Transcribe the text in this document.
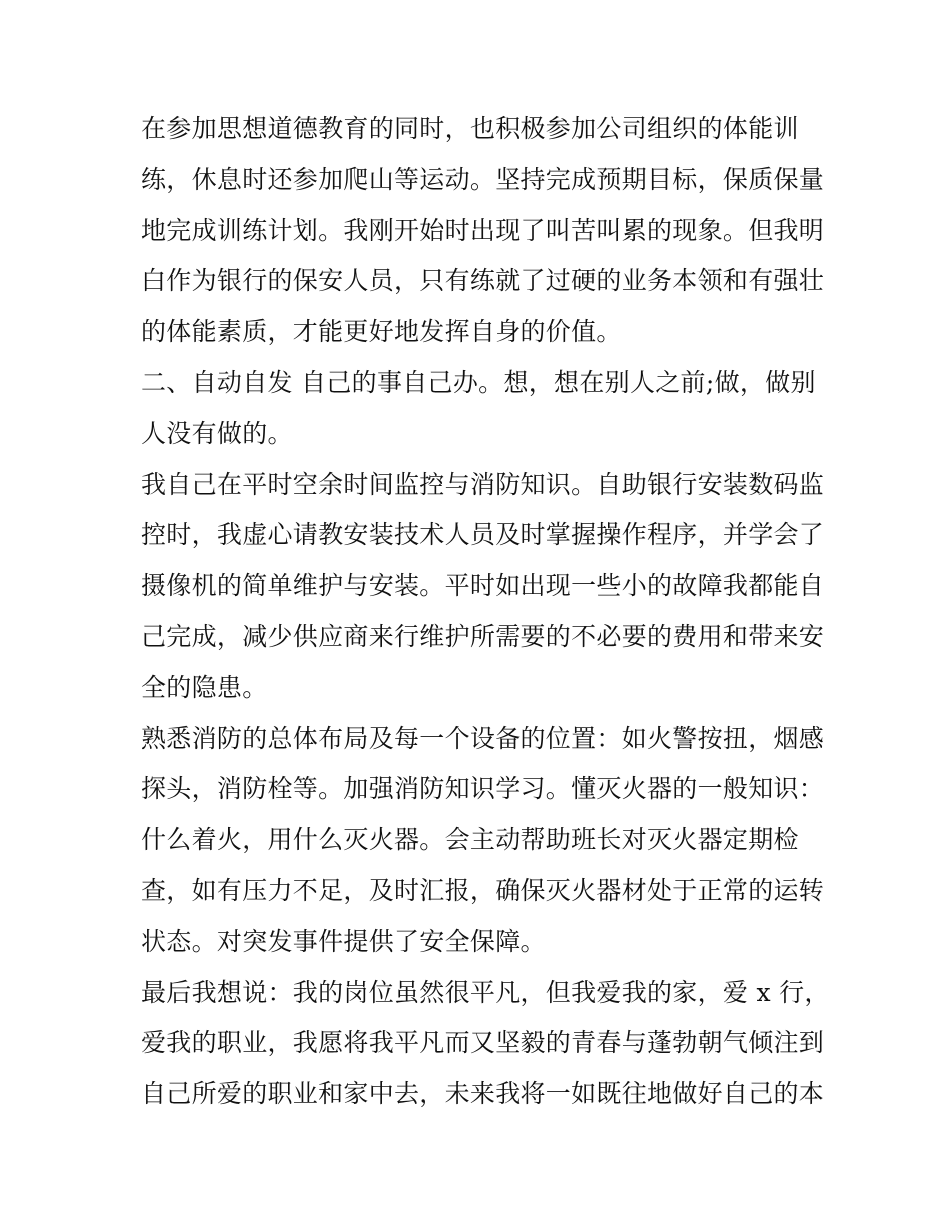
在参加思想道德教育的同时，也积极参加公司组织的体能训
练，休息时还参加爬山等运动。坚持完成预期目标，保质保量
地完成训练计划。我刚开始时出现了叫苦叫累的现象。但我明
白作为银行的保安人员，只有练就了过硬的业务本领和有强壮
的体能素质，才能更好地发挥自身的价值。
二、自动自发 自己的事自己办。想，想在别人之前;做，做别
人没有做的。
我自己在平时空余时间监控与消防知识。自助银行安装数码监
控时，我虚心请教安装技术人员及时掌握操作程序，并学会了
摄像机的简单维护与安装。平时如出现一些小的故障我都能自
己完成，减少供应商来行维护所需要的不必要的费用和带来安
全的隐患。
熟悉消防的总体布局及每一个设备的位置：如火警按扭，烟感
探头，消防栓等。加强消防知识学习。懂灭火器的一般知识：
什么着火，用什么灭火器。会主动帮助班长对灭火器定期检
查，如有压力不足，及时汇报，确保灭火器材处于正常的运转
状态。对突发事件提供了安全保障。
最后我想说：我的岗位虽然很平凡，但我爱我的家，爱 x 行，
爱我的职业，我愿将我平凡而又坚毅的青春与蓬勃朝气倾注到
自己所爱的职业和家中去，未来我将一如既往地做好自己的本
